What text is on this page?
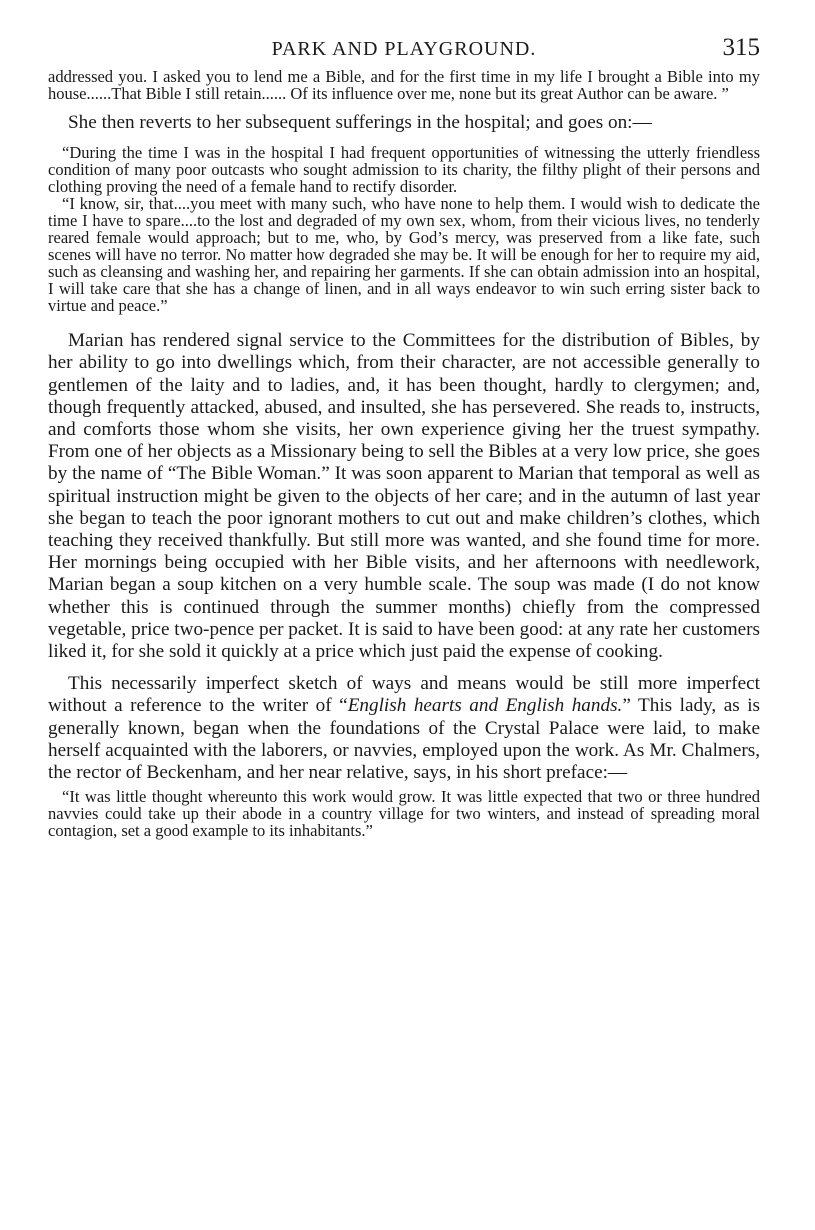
PARK AND PLAYGROUND.	315

addressed you. I asked you to lend me a Bible, and for the first time in my life I brought a Bible into my house......That Bible I still retain...... Of its influence over me, none but its great Author can be aware. ”

She then reverts to her subsequent sufferings in the hospital; and goes on:—

“During the time I was in the hospital I had frequent opportunities of witnessing the utterly friendless condition of many poor outcasts who sought admission to its charity, the filthy plight of their persons and clothing proving the need of a female hand to rectify disorder.

“I know, sir, that....you meet with many such, who have none to help them. I would wish to dedicate the time I have to spare....to the lost and degraded of my own sex, whom, from their vicious lives, no tenderly reared female would approach; but to me, who, by God’s mercy, was preserved from a like fate, such scenes will have no terror. No matter how degraded she may be. It will be enough for her to require my aid, such as cleansing and washing her, and repairing her garments. If she can obtain admission into an hospital, I will take care that she has a change of linen, and in all ways endeavor to win such erring sister back to virtue and peace.”

Marian has rendered signal service to the Committees for the distribution of Bibles, by her ability to go into dwellings which, from their character, are not accessible generally to gentlemen of the laity and to ladies, and, it has been thought, hardly to clergymen; and, though frequently attacked, abused, and insulted, she has persevered. She reads to, instructs, and comforts those whom she visits, her own experience giving her the truest sympathy. From one of her objects as a Missionary being to sell the Bibles at a very low price, she goes by the name of “The Bible Woman.” It was soon apparent to Marian that temporal as well as spiritual instruction might be given to the objects of her care; and in the autumn of last year she began to teach the poor ignorant mothers to cut out and make children’s clothes, which teaching they received thankfully. But still more was wanted, and she found time for more. Her mornings being occupied with her Bible visits, and her afternoons with needlework, Marian began a soup kitchen on a very humble scale. The soup was made (I do not know whether this is continued through the summer months) chiefly from the compressed vegetable, price two-pence per packet. It is said to have been good: at any rate her customers liked it, for she sold it quickly at a price which just paid the expense of cooking.

This necessarily imperfect sketch of ways and means would be still more imperfect without a reference to the writer of “English hearts and English hands.” This lady, as is generally known, began when the foundations of the Crystal Palace were laid, to make herself acquainted with the laborers, or navvies, employed upon the work. As Mr. Chalmers, the rector of Beckenham, and her near relative, says, in his short preface:—

“It was little thought whereunto this work would grow. It was little expected that two or three hundred navvies could take up their abode in a country village for two winters, and instead of spreading moral contagion, set a good example to its inhabitants.”
